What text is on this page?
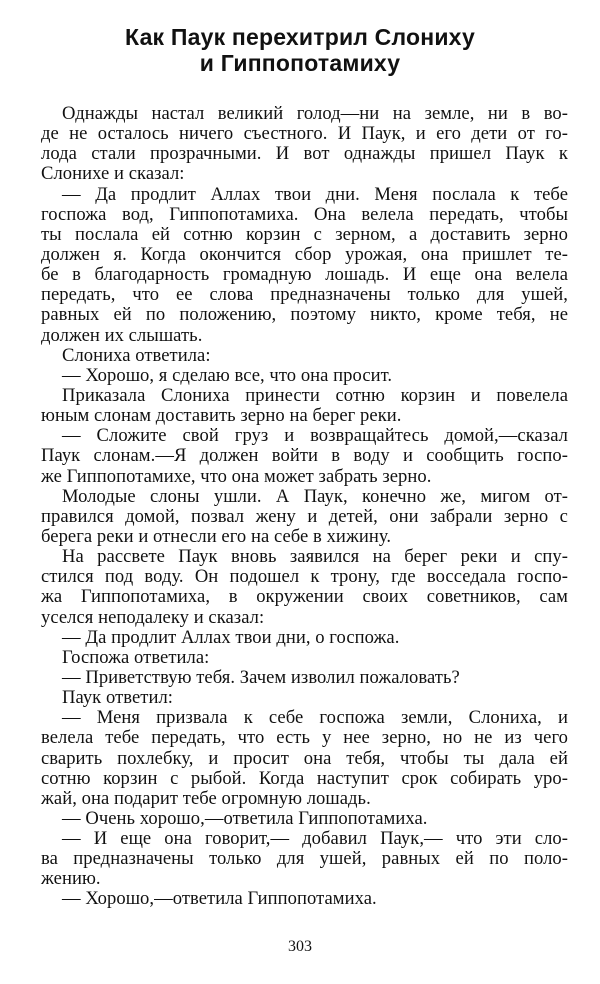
Как Паук перехитрил Слониху
и Гиппопотамиху
Однажды настал великий голод—ни на земле, ни в во-
де не осталось ничего съестного. И Паук, и его дети от го-
лода стали прозрачными. И вот однажды пришел Паук к
Слонихе и сказал:
— Да продлит Аллах твои дни. Меня послала к тебе
госпожа вод, Гиппопотамиха. Она велела передать, чтобы
ты послала ей сотню корзин с зерном, а доставить зерно
должен я. Когда окончится сбор урожая, она пришлет те-
бе в благодарность громадную лошадь. И еще она велела
передать, что ее слова предназначены только для ушей,
равных ей по положению, поэтому никто, кроме тебя, не
должен их слышать.
Слониха ответила:
— Хорошо, я сделаю все, что она просит.
Приказала Слониха принести сотню корзин и повелела
юным слонам доставить зерно на берег реки.
— Сложите свой груз и возвращайтесь домой,—сказал
Паук слонам.—Я должен войти в воду и сообщить госпо-
же Гиппопотамихе, что она может забрать зерно.
Молодые слоны ушли. А Паук, конечно же, мигом от-
правился домой, позвал жену и детей, они забрали зерно с
берега реки и отнесли его на себе в хижину.
На рассвете Паук вновь заявился на берег реки и спу-
стился под воду. Он подошел к трону, где восседала госпо-
жа Гиппопотамиха, в окружении своих советников, сам
уселся неподалеку и сказал:
— Да продлит Аллах твои дни, о госпожа.
Госпожа ответила:
— Приветствую тебя. Зачем изволил пожаловать?
Паук ответил:
— Меня призвала к себе госпожа земли, Слониха, и
велела тебе передать, что есть у нее зерно, но не из чего
сварить похлебку, и просит она тебя, чтобы ты дала ей
сотню корзин с рыбой. Когда наступит срок собирать уро-
жай, она подарит тебе огромную лошадь.
— Очень хорошо,—ответила Гиппопотамиха.
— И еще она говорит,— добавил Паук,— что эти сло-
ва предназначены только для ушей, равных ей по поло-
жению.
— Хорошо,—ответила Гиппопотамиха.
303
